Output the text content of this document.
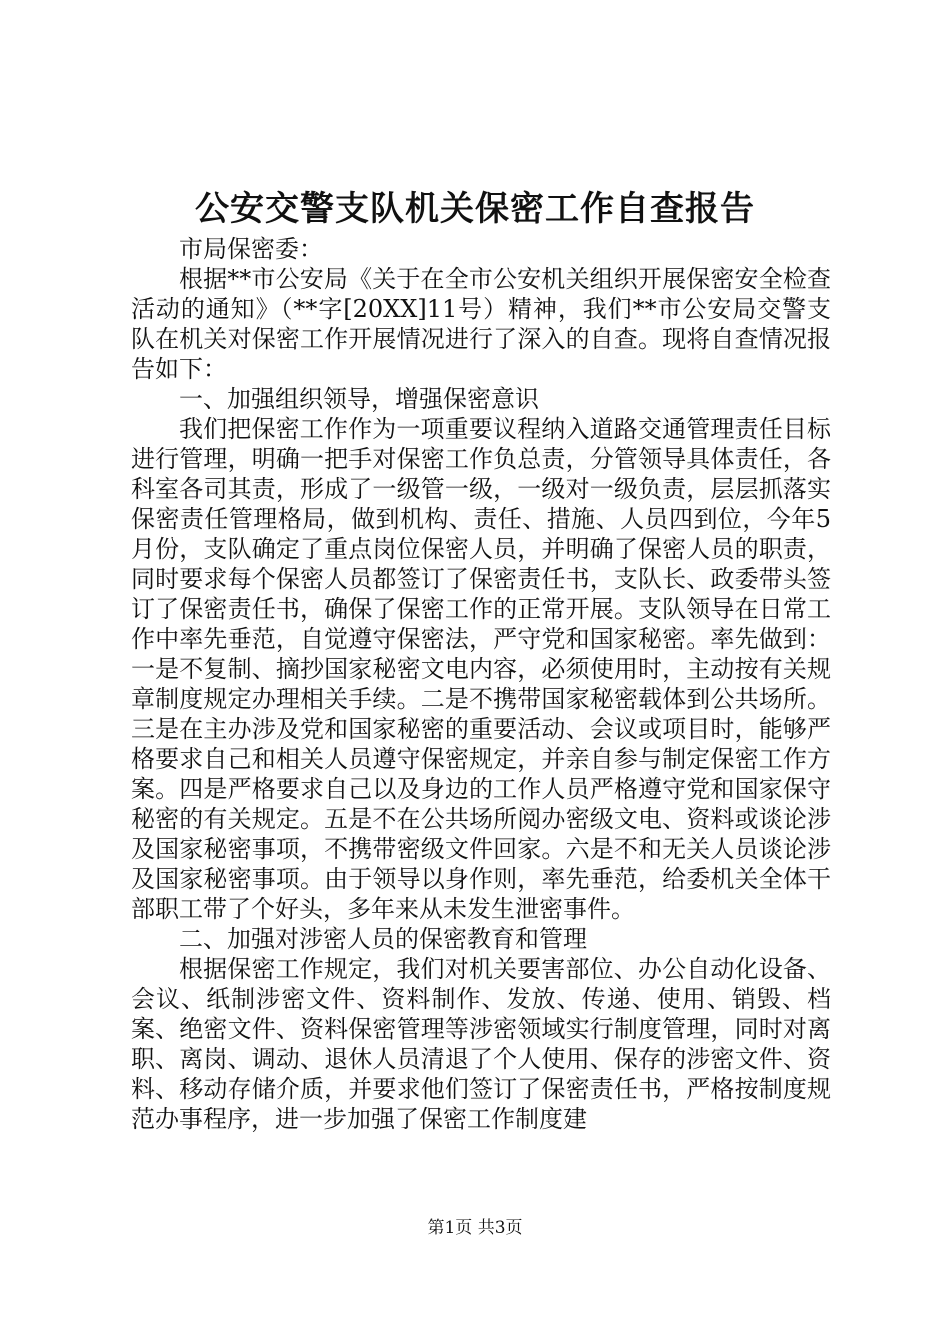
公安交警支队机关保密工作自查报告

市局保密委：

根据**市公安局《关于在全市公安机关组织开展保密安全检查活动的通知》（**字[20XX]11号）精神，我们**市公安局交警支队在机关对保密工作开展情况进行了深入的自查。现将自查情况报告如下：

一、加强组织领导，增强保密意识

我们把保密工作作为一项重要议程纳入道路交通管理责任目标进行管理，明确一把手对保密工作负总责，分管领导具体责任，各科室各司其责，形成了一级管一级，一级对一级负责，层层抓落实保密责任管理格局，做到机构、责任、措施、人员四到位，今年5月份，支队确定了重点岗位保密人员，并明确了保密人员的职责，同时要求每个保密人员都签订了保密责任书，支队长、政委带头签订了保密责任书，确保了保密工作的正常开展。支队领导在日常工作中率先垂范，自觉遵守保密法，严守党和国家秘密。率先做到：一是不复制、摘抄国家秘密文电内容，必须使用时，主动按有关规章制度规定办理相关手续。二是不携带国家秘密载体到公共场所。三是在主办涉及党和国家秘密的重要活动、会议或项目时，能够严格要求自己和相关人员遵守保密规定，并亲自参与制定保密工作方案。四是严格要求自己以及身边的工作人员严格遵守党和国家保守秘密的有关规定。五是不在公共场所阅办密级文电、资料或谈论涉及国家秘密事项，不携带密级文件回家。六是不和无关人员谈论涉及国家秘密事项。由于领导以身作则，率先垂范，给委机关全体干部职工带了个好头，多年来从未发生泄密事件。

二、加强对涉密人员的保密教育和管理

根据保密工作规定，我们对机关要害部位、办公自动化设备、会议、纸制涉密文件、资料制作、发放、传递、使用、销毁、档案、绝密文件、资料保密管理等涉密领域实行制度管理，同时对离职、离岗、调动、退休人员清退了个人使用、保存的涉密文件、资料、移动存储介质，并要求他们签订了保密责任书，严格按制度规范办事程序，进一步加强了保密工作制度建

第1页 共3页
